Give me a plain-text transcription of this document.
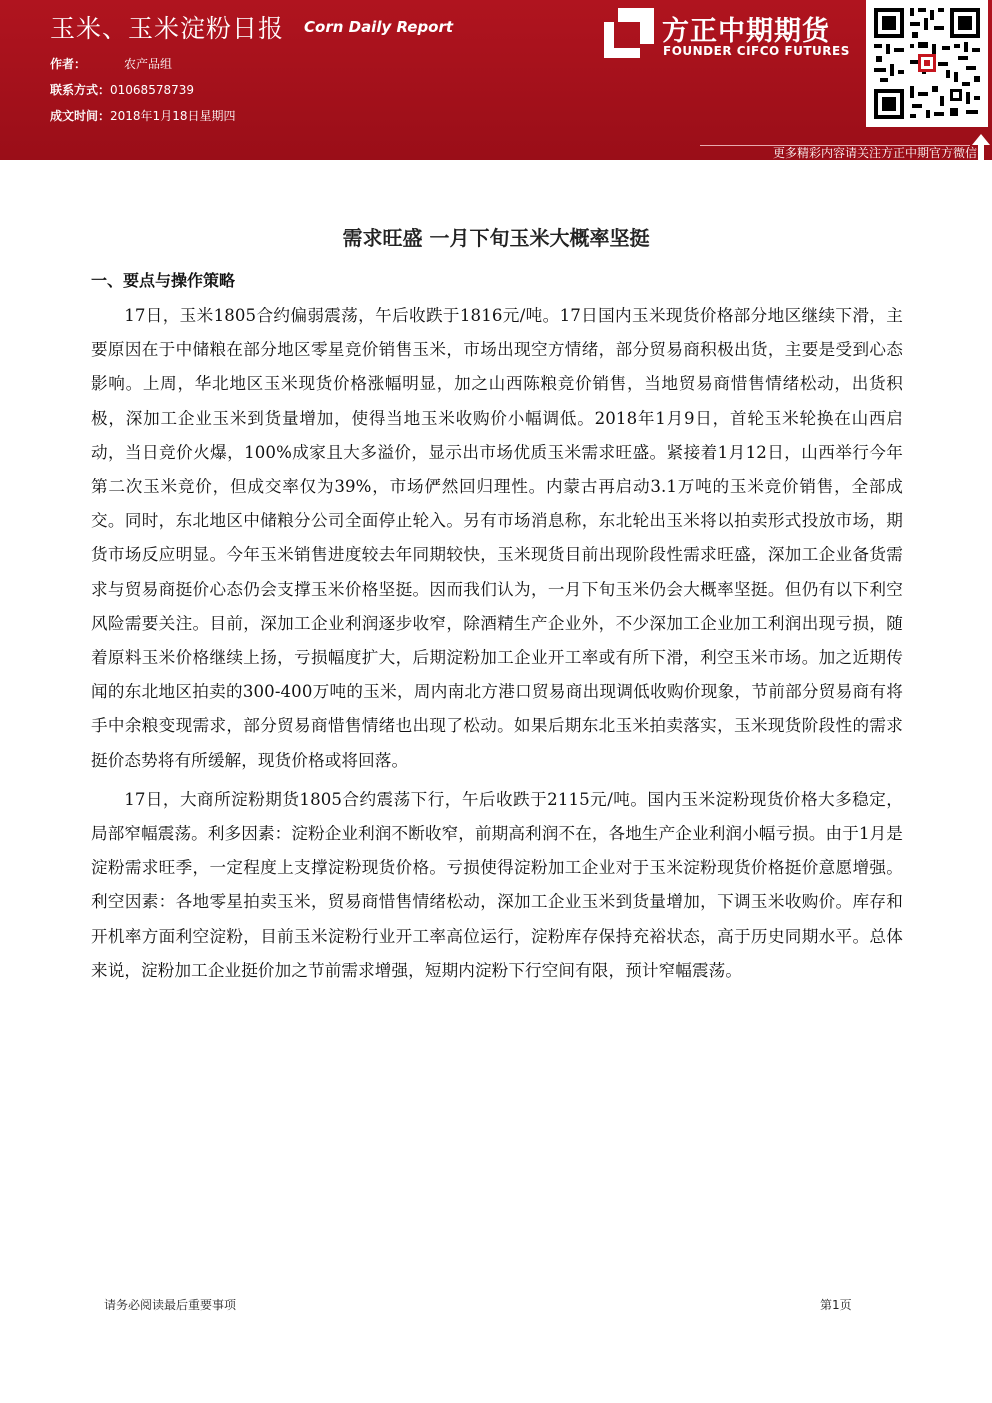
玉米、玉米淀粉日报 Corn Daily Report
作者：	农产品组
联系方式：01068578739
成文时间：2018年1月18日星期四
方正中期期货
FOUNDER CIFCO FUTURES
更多精彩内容请关注方正中期官方微信
需求旺盛 一月下旬玉米大概率坚挺
一、要点与操作策略

17日，玉米1805合约偏弱震荡，午后收跌于1816元/吨。17日国内玉米现货价格部分地区继续下滑，主要原因在于中储粮在部分地区零星竞价销售玉米，市场出现空方情绪，部分贸易商积极出货，主要是受到心态影响。上周，华北地区玉米现货价格涨幅明显，加之山西陈粮竞价销售，当地贸易商惜售情绪松动，出货积极，深加工企业玉米到货量增加，使得当地玉米收购价小幅调低。2018年1月9日，首轮玉米轮换在山西启动，当日竞价火爆，100%成家且大多溢价，显示出市场优质玉米需求旺盛。紧接着1月12日，山西举行今年第二次玉米竞价，但成交率仅为39%，市场俨然回归理性。内蒙古再启动3.1万吨的玉米竞价销售，全部成交。同时，东北地区中储粮分公司全面停止轮入。另有市场消息称，东北轮出玉米将以拍卖形式投放市场，期货市场反应明显。今年玉米销售进度较去年同期较快，玉米现货目前出现阶段性需求旺盛，深加工企业备货需求与贸易商挺价心态仍会支撑玉米价格坚挺。因而我们认为，一月下旬玉米仍会大概率坚挺。但仍有以下利空风险需要关注。目前，深加工企业利润逐步收窄，除酒精生产企业外，不少深加工企业加工利润出现亏损，随着原料玉米价格继续上扬，亏损幅度扩大，后期淀粉加工企业开工率或有所下滑，利空玉米市场。加之近期传闻的东北地区拍卖的300-400万吨的玉米，周内南北方港口贸易商出现调低收购价现象，节前部分贸易商有将手中余粮变现需求，部分贸易商惜售情绪也出现了松动。如果后期东北玉米拍卖落实，玉米现货阶段性的需求挺价态势将有所缓解，现货价格或将回落。

17日，大商所淀粉期货1805合约震荡下行，午后收跌于2115元/吨。国内玉米淀粉现货价格大多稳定，局部窄幅震荡。利多因素：淀粉企业利润不断收窄，前期高利润不在，各地生产企业利润小幅亏损。由于1月是淀粉需求旺季，一定程度上支撑淀粉现货价格。亏损使得淀粉加工企业对于玉米淀粉现货价格挺价意愿增强。利空因素：各地零星拍卖玉米，贸易商惜售情绪松动，深加工企业玉米到货量增加，下调玉米收购价。库存和开机率方面利空淀粉，目前玉米淀粉行业开工率高位运行，淀粉库存保持充裕状态，高于历史同期水平。总体来说，淀粉加工企业挺价加之节前需求增强，短期内淀粉下行空间有限，预计窄幅震荡。

请务必阅读最后重要事项	第1页
